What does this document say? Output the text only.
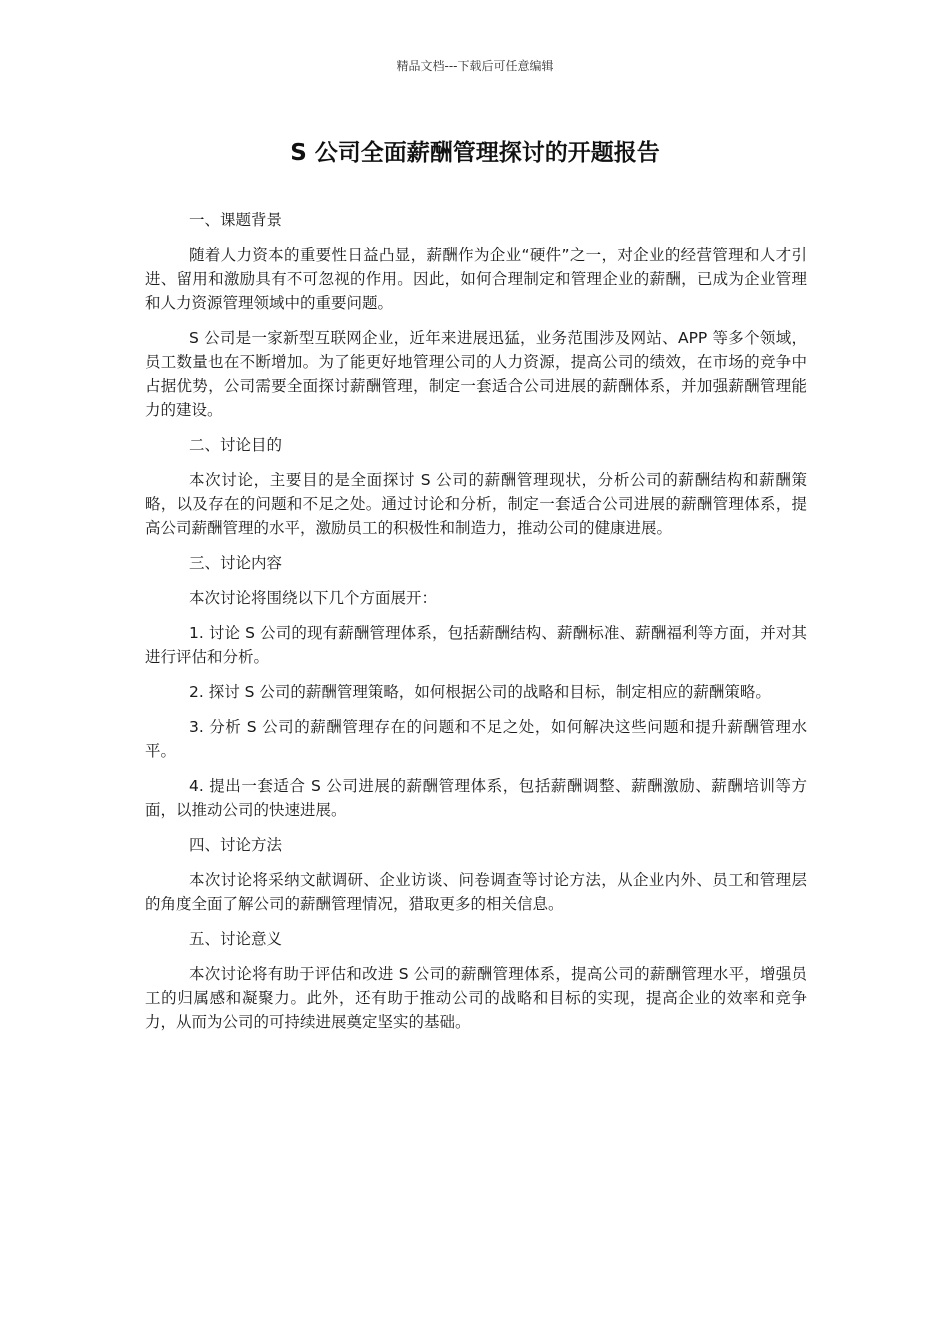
精品文档---下载后可任意编辑
S 公司全面薪酬管理探讨的开题报告

一、课题背景

随着人力资本的重要性日益凸显，薪酬作为企业“硬件”之一，对企业的经营管理和人才引进、留用和激励具有不可忽视的作用。因此，如何合理制定和管理企业的薪酬，已成为企业管理和人力资源管理领域中的重要问题。

S 公司是一家新型互联网企业，近年来进展迅猛，业务范围涉及网站、APP 等多个领域，员工数量也在不断增加。为了能更好地管理公司的人力资源，提高公司的绩效，在市场的竞争中占据优势，公司需要全面探讨薪酬管理，制定一套适合公司进展的薪酬体系，并加强薪酬管理能力的建设。

二、讨论目的

本次讨论，主要目的是全面探讨 S 公司的薪酬管理现状，分析公司的薪酬结构和薪酬策略，以及存在的问题和不足之处。通过讨论和分析，制定一套适合公司进展的薪酬管理体系，提高公司薪酬管理的水平，激励员工的积极性和制造力，推动公司的健康进展。

三、讨论内容

本次讨论将围绕以下几个方面展开：

1. 讨论 S 公司的现有薪酬管理体系，包括薪酬结构、薪酬标准、薪酬福利等方面，并对其进行评估和分析。

2. 探讨 S 公司的薪酬管理策略，如何根据公司的战略和目标，制定相应的薪酬策略。

3. 分析 S 公司的薪酬管理存在的问题和不足之处，如何解决这些问题和提升薪酬管理水平。

4. 提出一套适合 S 公司进展的薪酬管理体系，包括薪酬调整、薪酬激励、薪酬培训等方面，以推动公司的快速进展。

四、讨论方法

本次讨论将采纳文献调研、企业访谈、问卷调查等讨论方法，从企业内外、员工和管理层的角度全面了解公司的薪酬管理情况，猎取更多的相关信息。

五、讨论意义

本次讨论将有助于评估和改进 S 公司的薪酬管理体系，提高公司的薪酬管理水平，增强员工的归属感和凝聚力。此外，还有助于推动公司的战略和目标的实现，提高企业的效率和竞争力，从而为公司的可持续进展奠定坚实的基础。
